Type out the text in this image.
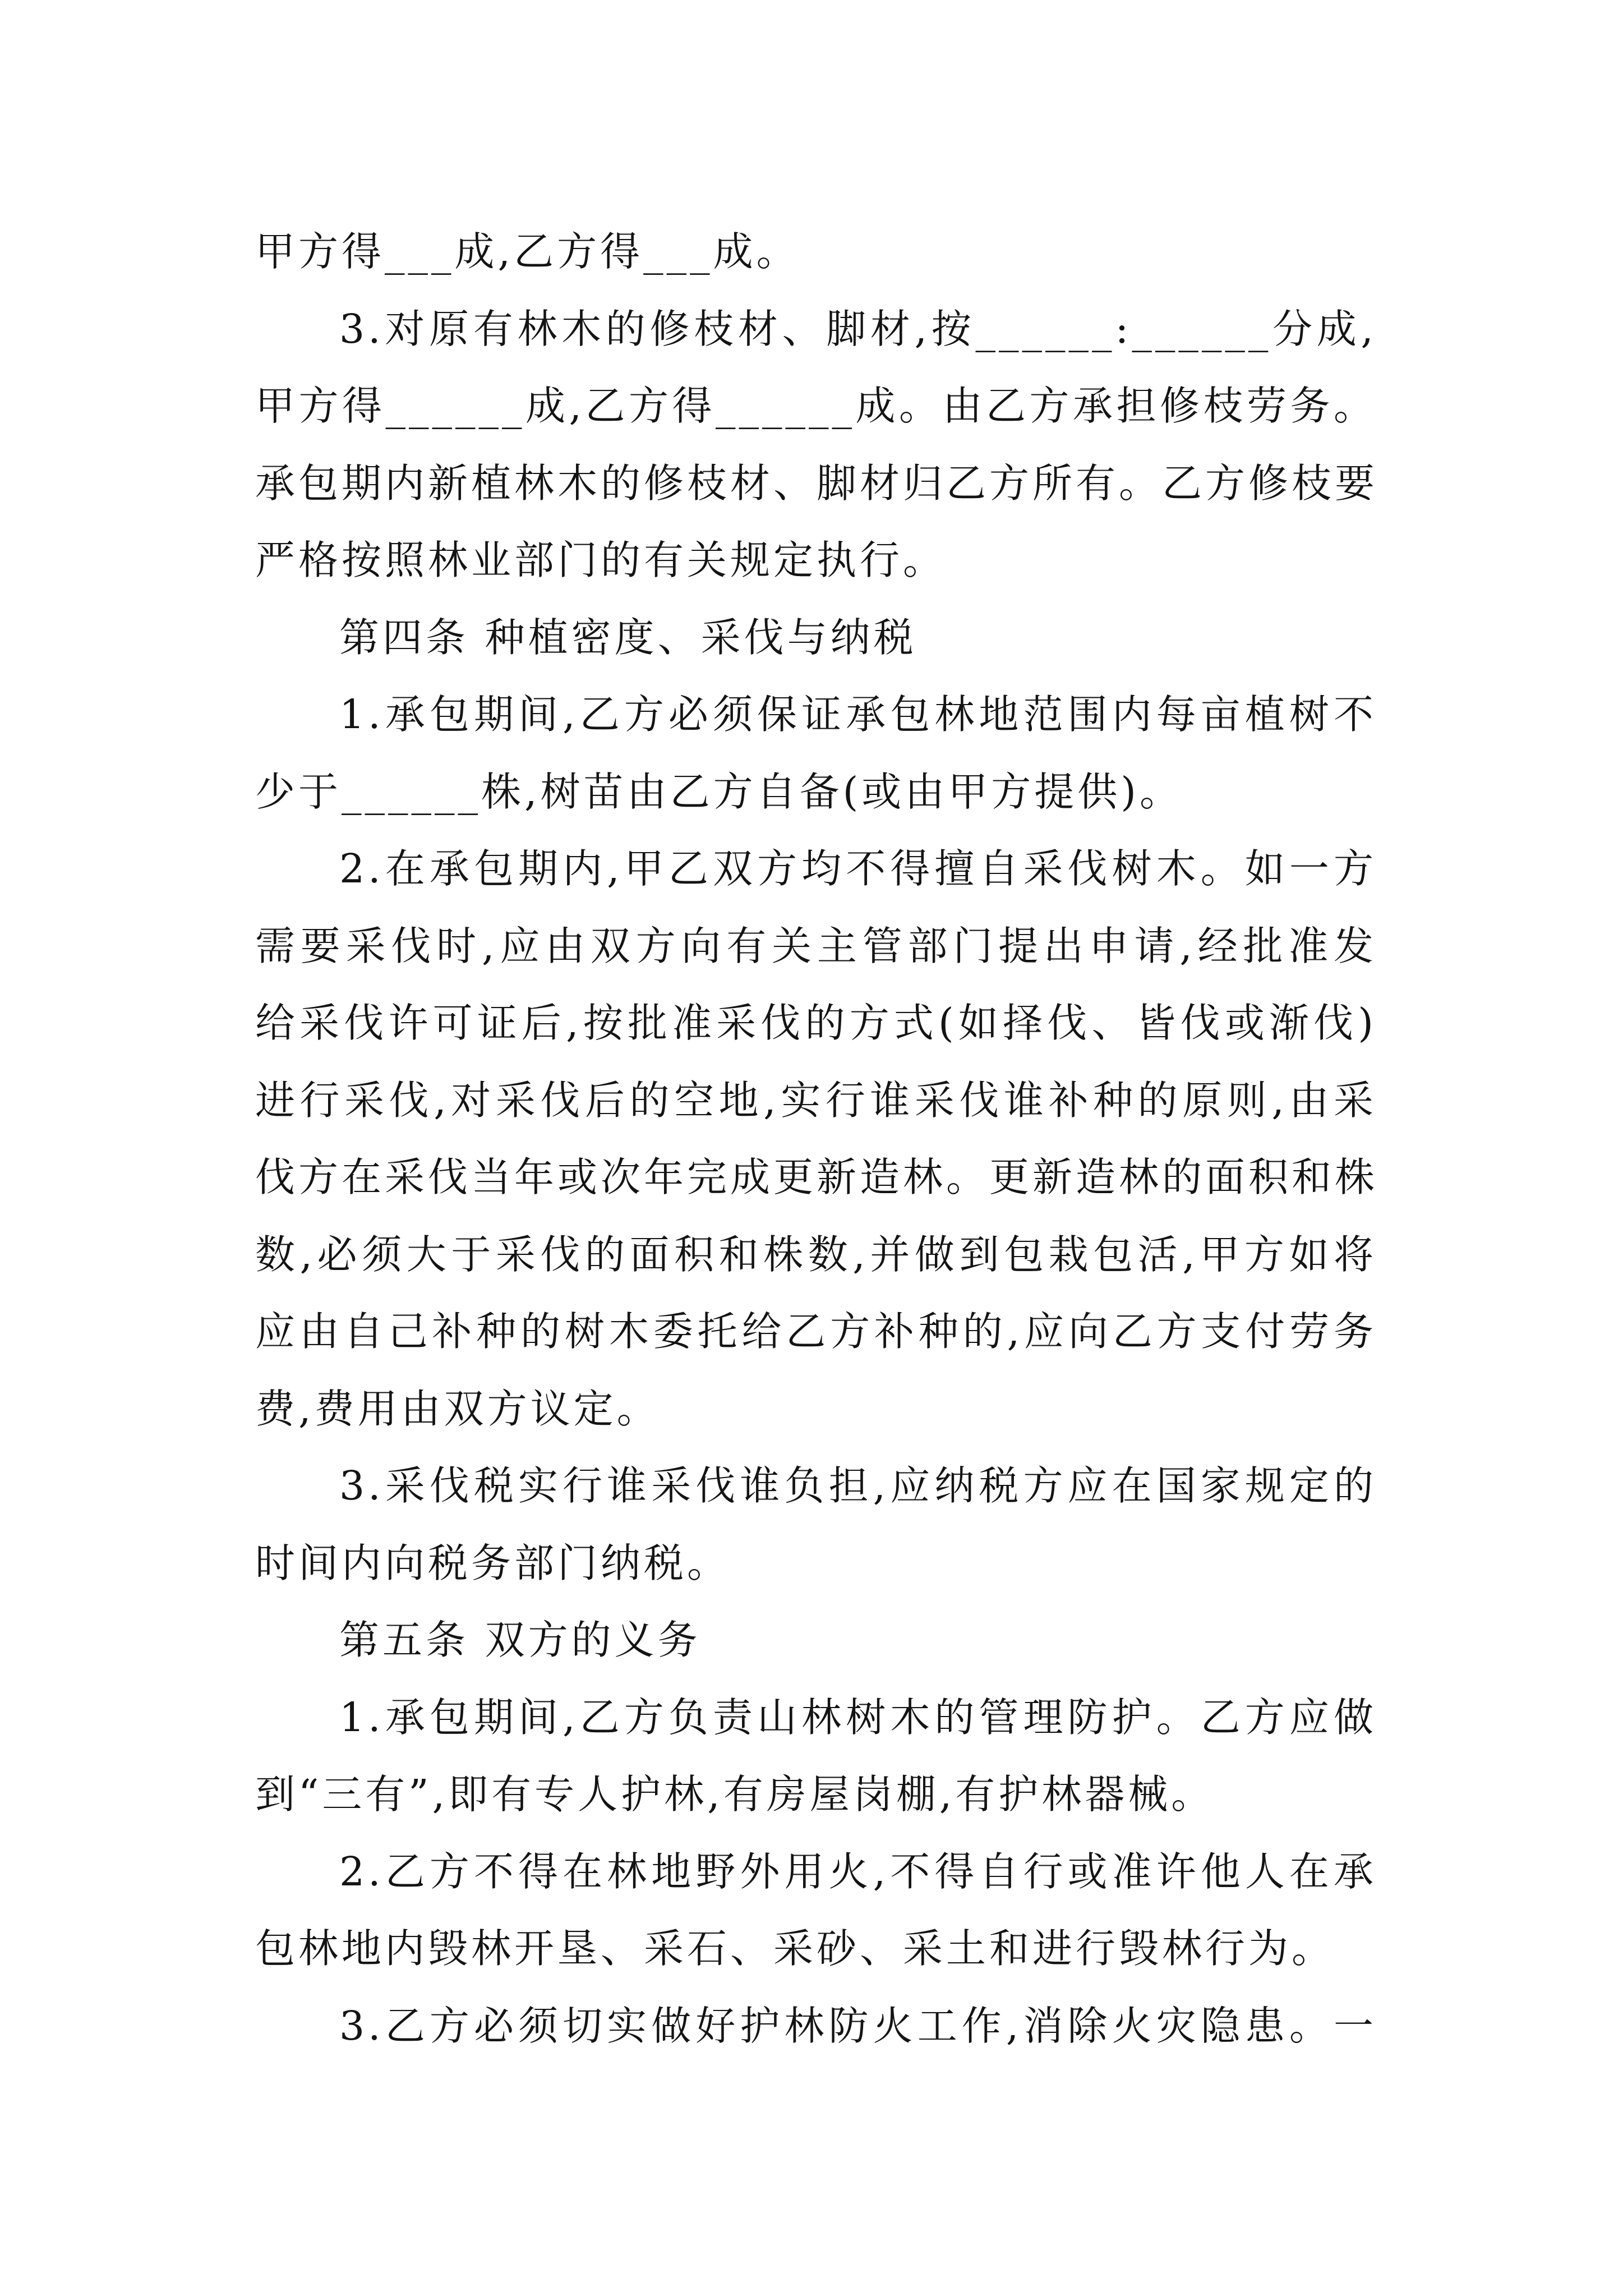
甲方得___成,乙方得___成。
3.对原有林木的修枝材、脚材,按______:______分成,
甲方得______成,乙方得______成。由乙方承担修枝劳务。
承包期内新植林木的修枝材、脚材归乙方所有。乙方修枝要
严格按照林业部门的有关规定执行。
第四条 种植密度、采伐与纳税
1.承包期间,乙方必须保证承包林地范围内每亩植树不
少于______株,树苗由乙方自备(或由甲方提供)。
2.在承包期内,甲乙双方均不得擅自采伐树木。如一方
需要采伐时,应由双方向有关主管部门提出申请,经批准发
给采伐许可证后,按批准采伐的方式(如择伐、皆伐或渐伐)
进行采伐,对采伐后的空地,实行谁采伐谁补种的原则,由采
伐方在采伐当年或次年完成更新造林。更新造林的面积和株
数,必须大于采伐的面积和株数,并做到包栽包活,甲方如将
应由自己补种的树木委托给乙方补种的,应向乙方支付劳务
费,费用由双方议定。
3.采伐税实行谁采伐谁负担,应纳税方应在国家规定的
时间内向税务部门纳税。
第五条 双方的义务
1.承包期间,乙方负责山林树木的管理防护。乙方应做
到“三有”,即有专人护林,有房屋岗棚,有护林器械。
2.乙方不得在林地野外用火,不得自行或准许他人在承
包林地内毁林开垦、采石、采砂、采土和进行毁林行为。
3.乙方必须切实做好护林防火工作,消除火灾隐患。一
